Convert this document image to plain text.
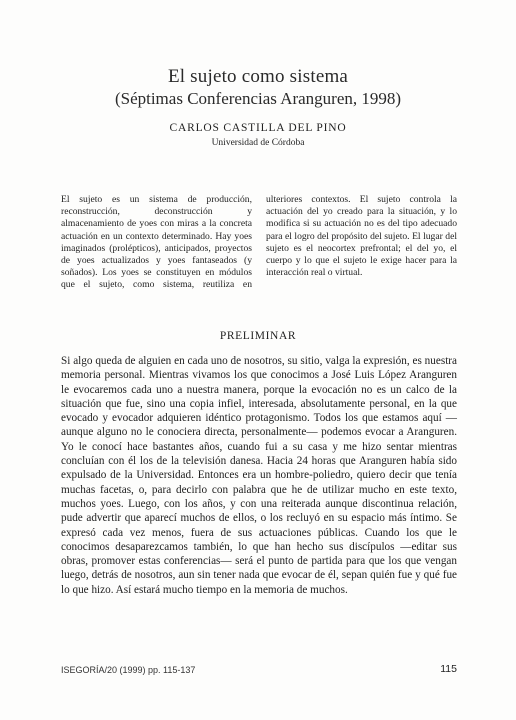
El sujeto como sistema
(Séptimas Conferencias Aranguren, 1998)
CARLOS CASTILLA DEL PINO
Universidad de Córdoba
El sujeto es un sistema de producción, reconstrucción, deconstrucción y almacenamiento de yoes con miras a la concreta actuación en un contexto determinado. Hay yoes imaginados (prolépticos), anticipados, proyectos de yoes actualizados y yoes fantaseados (y soñados). Los yoes se constituyen en módulos que el sujeto, como sistema, reutiliza en ulteriores contextos. El sujeto controla la actuación del yo creado para la situación, y lo modifica si su actuación no es del tipo adecuado para el logro del propósito del sujeto. El lugar del sujeto es el neocortex prefrontal; el del yo, el cuerpo y lo que el sujeto le exige hacer para la interacción real o virtual.
PRELIMINAR

Si algo queda de alguien en cada uno de nosotros, su sitio, valga la expresión, es nuestra memoria personal. Mientras vivamos los que conocimos a José Luis López Aranguren le evocaremos cada uno a nuestra manera, porque la evocación no es un calco de la situación que fue, sino una copia infiel, interesada, absolutamente personal, en la que evocado y evocador adquieren idéntico protagonismo. Todos los que estamos aquí —aunque alguno no le conociera directa, personalmente— podemos evocar a Aranguren. Yo le conocí hace bastantes años, cuando fui a su casa y me hizo sentar mientras concluían con él los de la televisión danesa. Hacia 24 horas que Aranguren había sido expulsado de la Universidad. Entonces era un hombre-poliedro, quiero decir que tenía muchas facetas, o, para decirlo con palabra que he de utilizar mucho en este texto, muchos yoes. Luego, con los años, y con una reiterada aunque discontinua relación, pude advertir que aparecí muchos de ellos, o los recluyó en su espacio más íntimo. Se expresó cada vez menos, fuera de sus actuaciones públicas. Cuando los que le conocimos desaparezcamos también, lo que han hecho sus discípulos —editar sus obras, promover estas conferencias— será el punto de partida para que los que vengan luego, detrás de nosotros, aun sin tener nada que evocar de él, sepan quién fue y qué fue lo que hizo. Así estará mucho tiempo en la memoria de muchos.

ISEGORÍA/20 (1999) pp. 115-137	115
